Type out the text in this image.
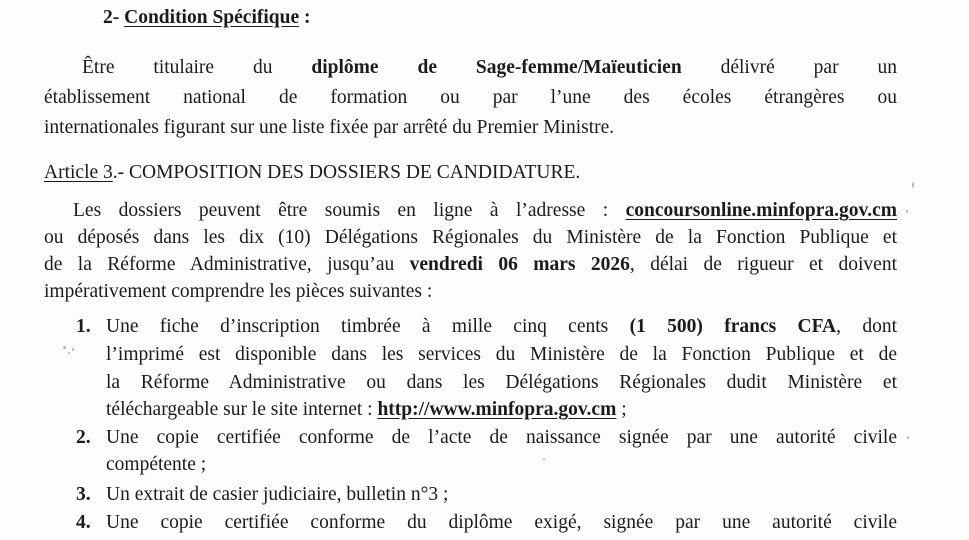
2- Condition Spécifique :
Être titulaire du diplôme de Sage-femme/Maïeuticien délivré par un
établissement national de formation ou par l’une des écoles étrangères ou
internationales figurant sur une liste fixée par arrêté du Premier Ministre.
Article 3.- COMPOSITION DES DOSSIERS DE CANDIDATURE.
Les dossiers peuvent être soumis en ligne à l’adresse : concoursonline.minfopra.gov.cm
ou déposés dans les dix (10) Délégations Régionales du Ministère de la Fonction Publique et
de la Réforme Administrative, jusqu’au vendredi 06 mars 2026, délai de rigueur et doivent
impérativement comprendre les pièces suivantes :
1. Une fiche d’inscription timbrée à mille cinq cents (1 500) francs CFA, dont
l’imprimé est disponible dans les services du Ministère de la Fonction Publique et de
la Réforme Administrative ou dans les Délégations Régionales dudit Ministère et
téléchargeable sur le site internet : http://www.minfopra.gov.cm ;
2. Une copie certifiée conforme de l’acte de naissance signée par une autorité civile
compétente ;
3. Un extrait de casier judiciaire, bulletin n°3 ;
4. Une copie certifiée conforme du diplôme exigé, signée par une autorité civile
